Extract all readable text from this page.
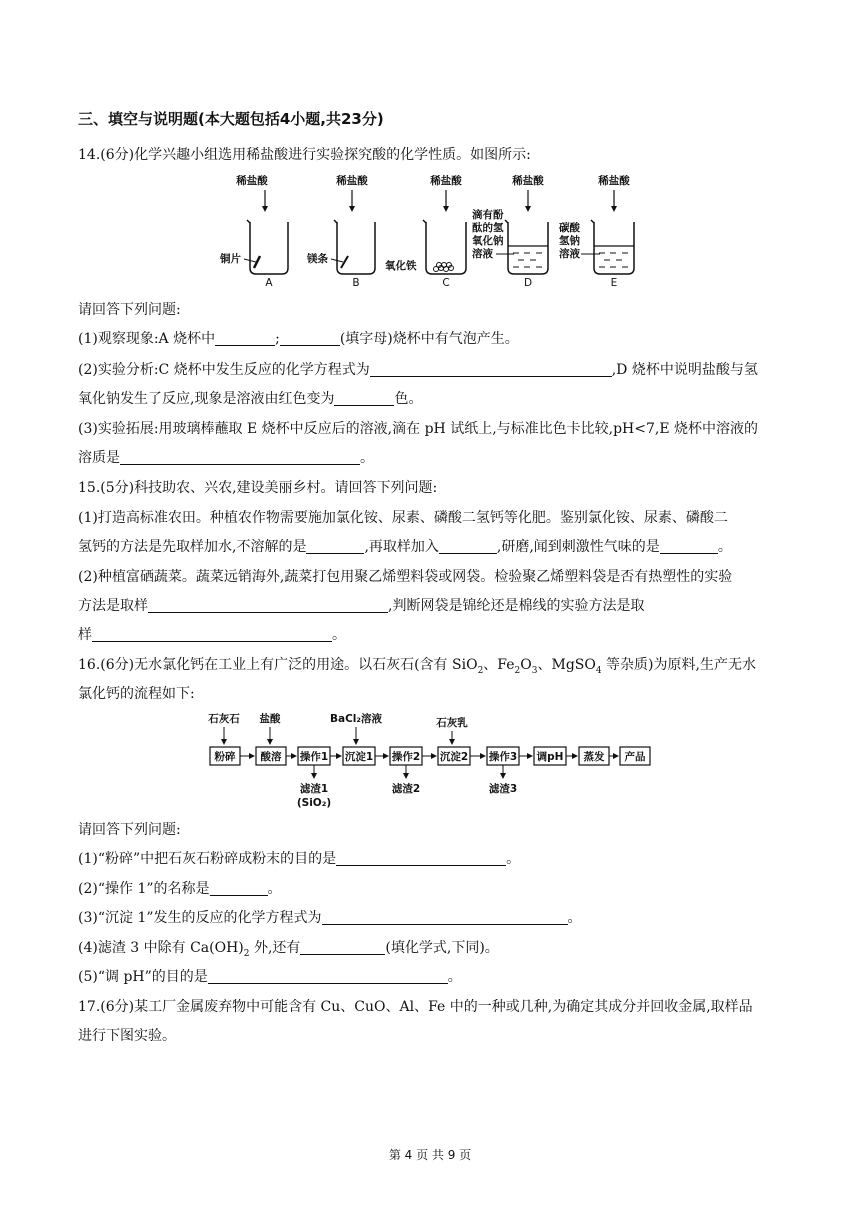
三、填空与说明题(本大题包括4小题,共23分)
14.(6分)化学兴趣小组选用稀盐酸进行实验探究酸的化学性质。如图所示:
稀盐酸
铜片
A
稀盐酸
镁条
B
稀盐酸
氧化铁
C
稀盐酸
滴有酚
酞的氢
氧化钠
溶液
D
稀盐酸
碳酸
氢钠
溶液
E
请回答下列问题:
(1)观察现象:A 烧杯中	;	(填字母)烧杯中有气泡产生。
(2)实验分析:C 烧杯中发生反应的化学方程式为	,D 烧杯中说明盐酸与氢
氧化钠发生了反应,现象是溶液由红色变为	色。
(3)实验拓展:用玻璃棒蘸取 E 烧杯中反应后的溶液,滴在 pH 试纸上,与标准比色卡比较,pH<7,E 烧杯中溶液的
溶质是	。
15.(5分)科技助农、兴农,建设美丽乡村。请回答下列问题:
(1)打造高标准农田。种植农作物需要施加氯化铵、尿素、磷酸二氢钙等化肥。鉴别氯化铵、尿素、磷酸二
氢钙的方法是先取样加水,不溶解的是	,再取样加入	,研磨,闻到刺激性气味的是	。
(2)种植富硒蔬菜。蔬菜远销海外,蔬菜打包用聚乙烯塑料袋或网袋。检验聚乙烯塑料袋是否有热塑性的实验
方法是取样	,判断网袋是锦纶还是棉线的实验方法是取
样	。
16.(6分)无水氯化钙在工业上有广泛的用途。以石灰石(含有 SiO$_2$、$Fe_2O_3$、MgSO$_4$ 等杂质)为原料,生产无水
氯化钙的流程如下:
石灰石 盐酸	BaCl₂溶液	石灰乳
粉碎 酸溶 操作1 沉淀1 操作2 沉淀2 操作3 调pH 蒸发 产品
滤渣1
(SiO₂)
滤渣2	滤渣3
请回答下列问题:
(1)“粉碎”中把石灰石粉碎成粉末的目的是	。
(2)“操作 1”的名称是	。
(3)“沉淀 1”发生的反应的化学方程式为	。
(4)滤渣 3 中除有 $Ca(OH)_2$ 外,还有	(填化学式,下同)。
(5)“调 pH”的目的是	。
17.(6分)某工厂金属废弃物中可能含有 Cu、CuO、Al、Fe 中的一种或几种,为确定其成分并回收金属,取样品
进行下图实验。
第 4 页 共 9 页
